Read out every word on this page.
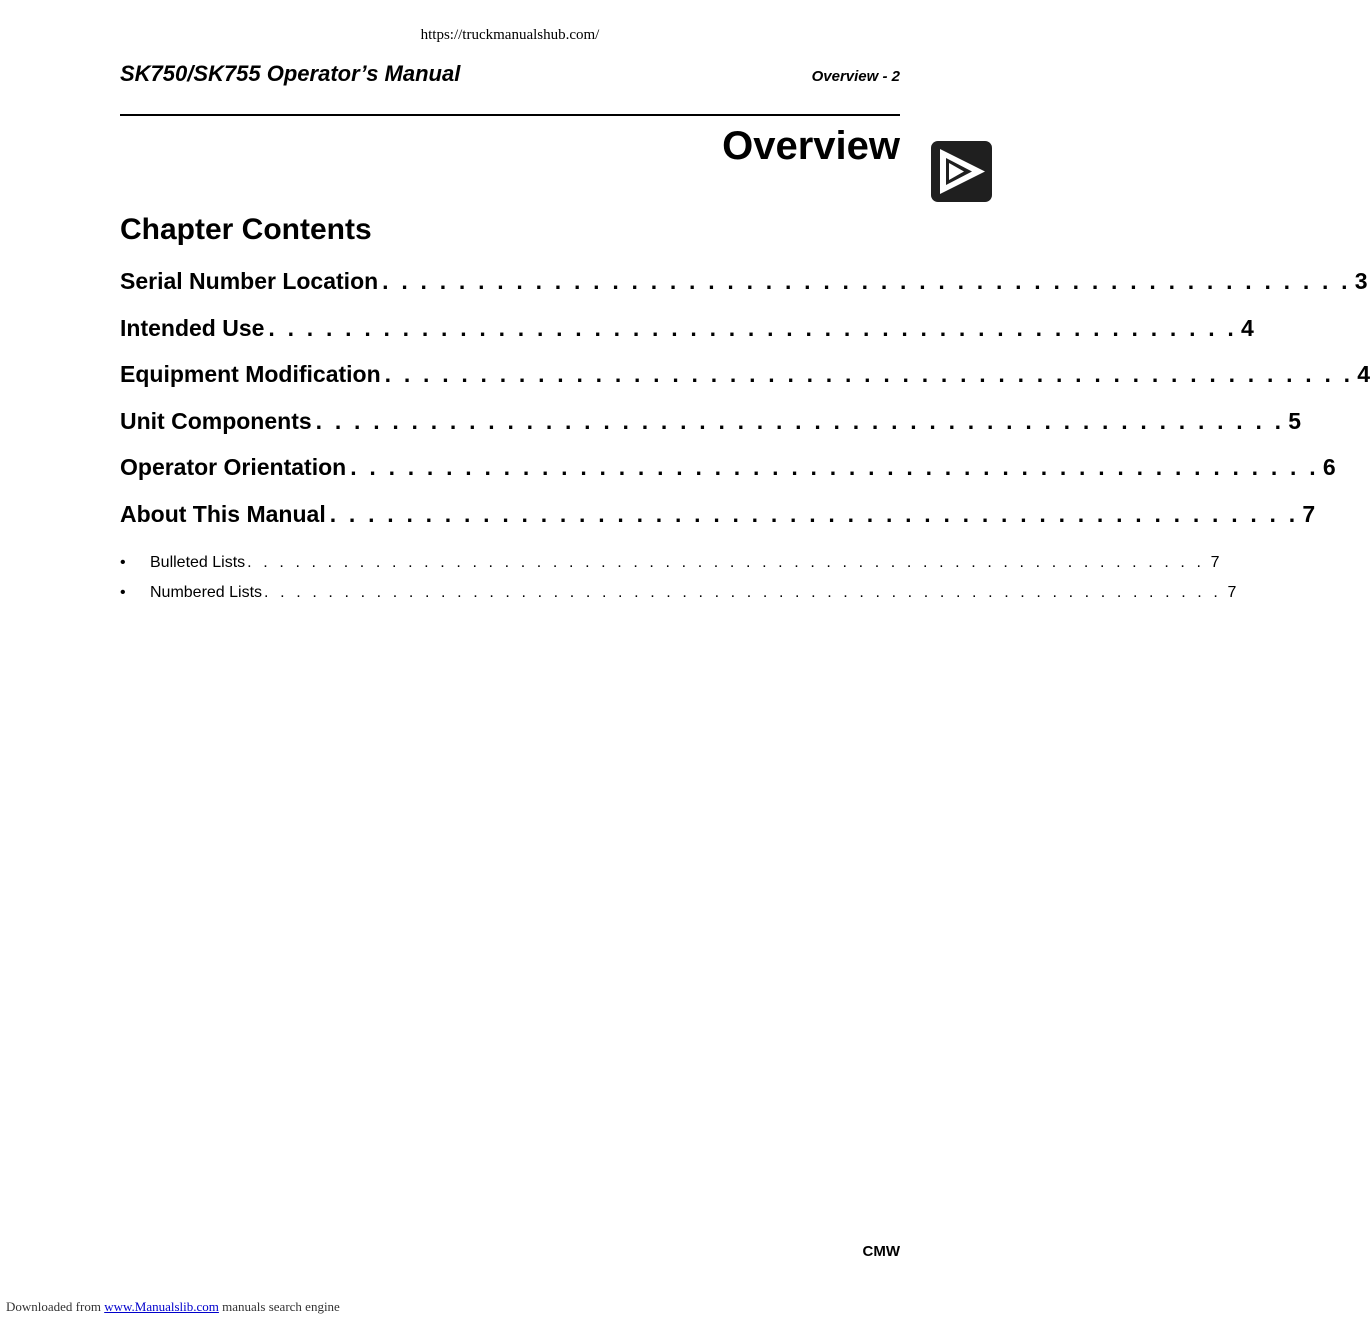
https://truckmanualshub.com/
SK750/SK755 Operator’s Manual	Overview - 2
Overview
Chapter Contents
Serial Number Location . . . . . . . . . . . . . . . . . . . . . . . . . . . . . . . . . . . . . . . . . . . . . . . . . . . 3
Intended Use . . . . . . . . . . . . . . . . . . . . . . . . . . . . . . . . . . . . . . . . . . . . . . . . . . . 4
Equipment Modification . . . . . . . . . . . . . . . . . . . . . . . . . . . . . . . . . . . . . . . . . . . . . . . . . . . 4
Unit Components . . . . . . . . . . . . . . . . . . . . . . . . . . . . . . . . . . . . . . . . . . . . . . . . . . . 5
Operator Orientation . . . . . . . . . . . . . . . . . . . . . . . . . . . . . . . . . . . . . . . . . . . . . . . . . . . 6
About This Manual . . . . . . . . . . . . . . . . . . . . . . . . . . . . . . . . . . . . . . . . . . . . . . . . . . . 7
•	Bulleted Lists . . . . . . . . . . . . . . . . . . . . . . . . . . . . . . . . . . . . . . . . . . . . . . . . . . . . . . . . . . . . 7
•	Numbered Lists . . . . . . . . . . . . . . . . . . . . . . . . . . . . . . . . . . . . . . . . . . . . . . . . . . . . . . . . . . . . 7
CMW
Downloaded from www.Manualslib.com manuals search engine
